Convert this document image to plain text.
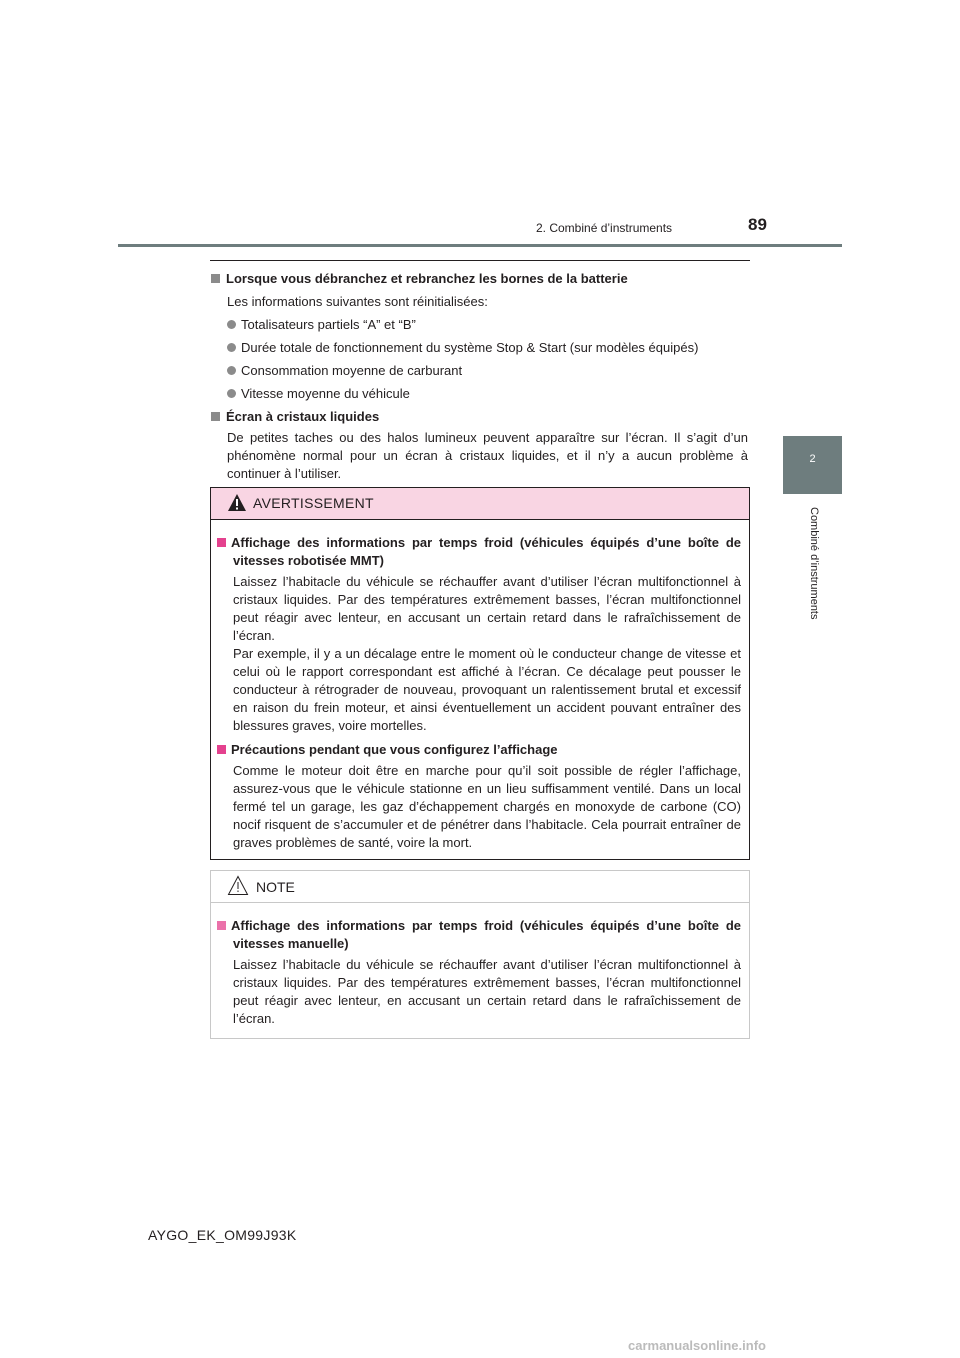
2. Combiné d’instruments	89
2
Combiné d’instruments

Lorsque vous débranchez et rebranchez les bornes de la batterie

Les informations suivantes sont réinitialisées:

Totalisateurs partiels “A” et “B”

Durée totale de fonctionnement du système Stop & Start (sur modèles équipés)

Consommation moyenne de carburant

Vitesse moyenne du véhicule

Écran à cristaux liquides

De petites taches ou des halos lumineux peuvent apparaître sur l’écran. Il s’agit d’un phénomène normal pour un écran à cristaux liquides, et il n’y a aucun problème à continuer à l’utiliser.

AVERTISSEMENT

Affichage des informations par temps froid (véhicules équipés d’une boîte de vitesses robotisée MMT)

Laissez l’habitacle du véhicule se réchauffer avant d’utiliser l’écran multifonctionnel à cristaux liquides. Par des températures extrêmement basses, l’écran multifonctionnel peut réagir avec lenteur, en accusant un certain retard dans le rafraîchissement de l’écran.

Par exemple, il y a un décalage entre le moment où le conducteur change de vitesse et celui où le rapport correspondant est affiché à l’écran. Ce décalage peut pousser le conducteur à rétrograder de nouveau, provoquant un ralentissement brutal et excessif en raison du frein moteur, et ainsi éventuellement un accident pouvant entraîner des blessures graves, voire mortelles.

Précautions pendant que vous configurez l’affichage

Comme le moteur doit être en marche pour qu’il soit possible de régler l’affichage, assurez-vous que le véhicule stationne en un lieu suffisamment ventilé. Dans un local fermé tel un garage, les gaz d’échappement chargés en monoxyde de carbone (CO) nocif risquent de s’accumuler et de pénétrer dans l’habitacle. Cela pourrait entraîner de graves problèmes de santé, voire la mort.

NOTE

Affichage des informations par temps froid (véhicules équipés d’une boîte de vitesses manuelle)

Laissez l’habitacle du véhicule se réchauffer avant d’utiliser l’écran multifonctionnel à cristaux liquides. Par des températures extrêmement basses, l’écran multifonctionnel peut réagir avec lenteur, en accusant un certain retard dans le rafraîchissement de l’écran.

AYGO_EK_OM99J93K
carmanualsonline.info
